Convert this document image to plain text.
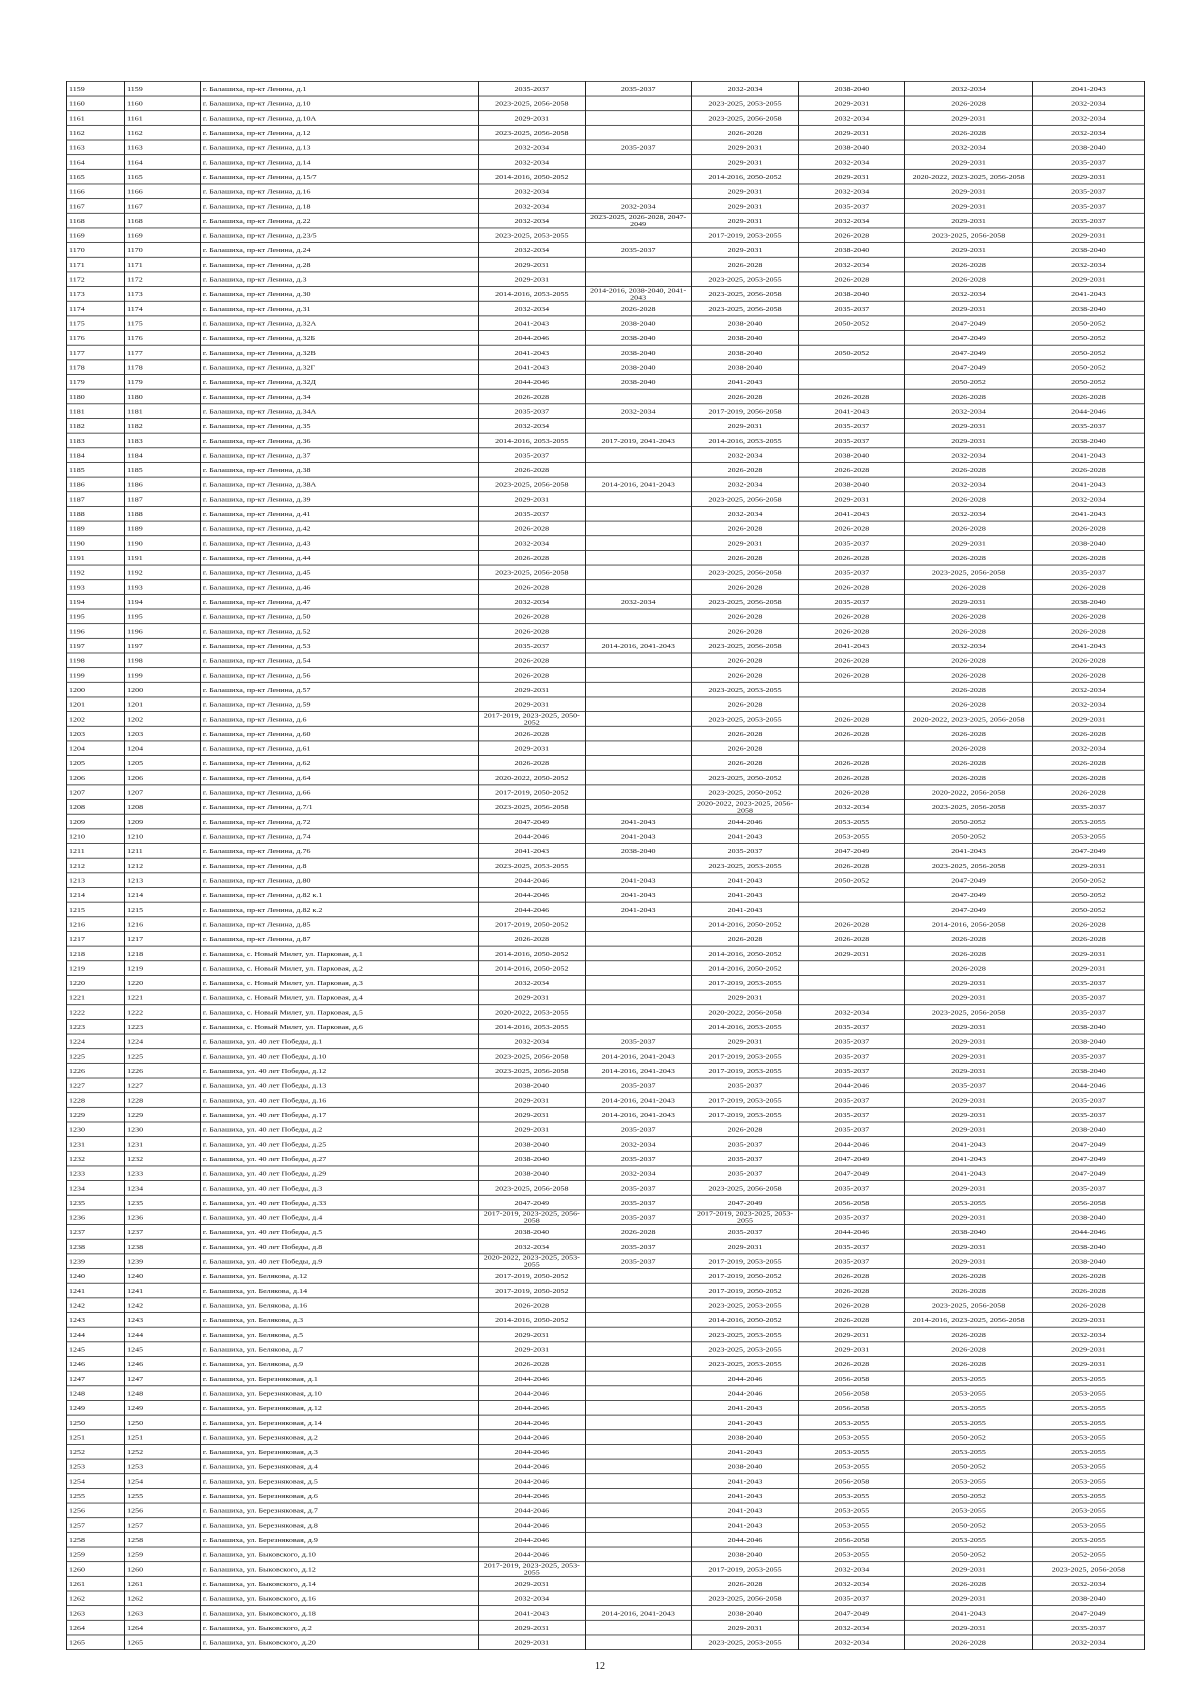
1159	1159	г. Балашиха, пр-кт Ленина, д.1	2035-2037	2035-2037	2032-2034	2038-2040	2032-2034	2041-2043
1160	1160	г. Балашиха, пр-кт Ленина, д.10	2023-2025, 2056-2058		2023-2025, 2053-2055	2029-2031	2026-2028	2032-2034
1161	1161	г. Балашиха, пр-кт Ленина, д.10А	2029-2031		2023-2025, 2056-2058	2032-2034	2029-2031	2032-2034
1162	1162	г. Балашиха, пр-кт Ленина, д.12	2023-2025, 2056-2058		2026-2028	2029-2031	2026-2028	2032-2034
1163	1163	г. Балашиха, пр-кт Ленина, д.13	2032-2034	2035-2037	2029-2031	2038-2040	2032-2034	2038-2040
1164	1164	г. Балашиха, пр-кт Ленина, д.14	2032-2034		2029-2031	2032-2034	2029-2031	2035-2037
1165	1165	г. Балашиха, пр-кт Ленина, д.15/7	2014-2016, 2050-2052		2014-2016, 2050-2052	2029-2031	2020-2022, 2023-2025, 2056-2058	2029-2031
1166	1166	г. Балашиха, пр-кт Ленина, д.16	2032-2034		2029-2031	2032-2034	2029-2031	2035-2037
1167	1167	г. Балашиха, пр-кт Ленина, д.18	2032-2034	2032-2034	2029-2031	2035-2037	2029-2031	2035-2037
1168	1168	г. Балашиха, пр-кт Ленина, д.22	2032-2034	2023-2025, 2026-2028, 2047-2049	2029-2031	2032-2034	2029-2031	2035-2037
1169	1169	г. Балашиха, пр-кт Ленина, д.23/5	2023-2025, 2053-2055		2017-2019, 2053-2055	2026-2028	2023-2025, 2056-2058	2029-2031
1170	1170	г. Балашиха, пр-кт Ленина, д.24	2032-2034	2035-2037	2029-2031	2038-2040	2029-2031	2038-2040
1171	1171	г. Балашиха, пр-кт Ленина, д.28	2029-2031		2026-2028	2032-2034	2026-2028	2032-2034
1172	1172	г. Балашиха, пр-кт Ленина, д.3	2029-2031		2023-2025, 2053-2055	2026-2028	2026-2028	2029-2031
1173	1173	г. Балашиха, пр-кт Ленина, д.30	2014-2016, 2053-2055	2014-2016, 2038-2040, 2041-2043	2023-2025, 2056-2058	2038-2040	2032-2034	2041-2043
1174	1174	г. Балашиха, пр-кт Ленина, д.31	2032-2034	2026-2028	2023-2025, 2056-2058	2035-2037	2029-2031	2038-2040
1175	1175	г. Балашиха, пр-кт Ленина, д.32А	2041-2043	2038-2040	2038-2040	2050-2052	2047-2049	2050-2052
1176	1176	г. Балашиха, пр-кт Ленина, д.32Б	2044-2046	2038-2040	2038-2040		2047-2049	2050-2052
1177	1177	г. Балашиха, пр-кт Ленина, д.32В	2041-2043	2038-2040	2038-2040	2050-2052	2047-2049	2050-2052
1178	1178	г. Балашиха, пр-кт Ленина, д.32Г	2041-2043	2038-2040	2038-2040		2047-2049	2050-2052
1179	1179	г. Балашиха, пр-кт Ленина, д.32Д	2044-2046	2038-2040	2041-2043		2050-2052	2050-2052
1180	1180	г. Балашиха, пр-кт Ленина, д.34	2026-2028		2026-2028	2026-2028	2026-2028	2026-2028
1181	1181	г. Балашиха, пр-кт Ленина, д.34А	2035-2037	2032-2034	2017-2019, 2056-2058	2041-2043	2032-2034	2044-2046
1182	1182	г. Балашиха, пр-кт Ленина, д.35	2032-2034		2029-2031	2035-2037	2029-2031	2035-2037
1183	1183	г. Балашиха, пр-кт Ленина, д.36	2014-2016, 2053-2055	2017-2019, 2041-2043	2014-2016, 2053-2055	2035-2037	2029-2031	2038-2040
1184	1184	г. Балашиха, пр-кт Ленина, д.37	2035-2037		2032-2034	2038-2040	2032-2034	2041-2043
1185	1185	г. Балашиха, пр-кт Ленина, д.38	2026-2028		2026-2028	2026-2028	2026-2028	2026-2028
1186	1186	г. Балашиха, пр-кт Ленина, д.38А	2023-2025, 2056-2058	2014-2016, 2041-2043	2032-2034	2038-2040	2032-2034	2041-2043
1187	1187	г. Балашиха, пр-кт Ленина, д.39	2029-2031		2023-2025, 2056-2058	2029-2031	2026-2028	2032-2034
1188	1188	г. Балашиха, пр-кт Ленина, д.41	2035-2037		2032-2034	2041-2043	2032-2034	2041-2043
1189	1189	г. Балашиха, пр-кт Ленина, д.42	2026-2028		2026-2028	2026-2028	2026-2028	2026-2028
1190	1190	г. Балашиха, пр-кт Ленина, д.43	2032-2034		2029-2031	2035-2037	2029-2031	2038-2040
1191	1191	г. Балашиха, пр-кт Ленина, д.44	2026-2028		2026-2028	2026-2028	2026-2028	2026-2028
1192	1192	г. Балашиха, пр-кт Ленина, д.45	2023-2025, 2056-2058		2023-2025, 2056-2058	2035-2037	2023-2025, 2056-2058	2035-2037
1193	1193	г. Балашиха, пр-кт Ленина, д.46	2026-2028		2026-2028	2026-2028	2026-2028	2026-2028
1194	1194	г. Балашиха, пр-кт Ленина, д.47	2032-2034	2032-2034	2023-2025, 2056-2058	2035-2037	2029-2031	2038-2040
1195	1195	г. Балашиха, пр-кт Ленина, д.50	2026-2028		2026-2028	2026-2028	2026-2028	2026-2028
1196	1196	г. Балашиха, пр-кт Ленина, д.52	2026-2028		2026-2028	2026-2028	2026-2028	2026-2028
1197	1197	г. Балашиха, пр-кт Ленина, д.53	2035-2037	2014-2016, 2041-2043	2023-2025, 2056-2058	2041-2043	2032-2034	2041-2043
1198	1198	г. Балашиха, пр-кт Ленина, д.54	2026-2028		2026-2028	2026-2028	2026-2028	2026-2028
1199	1199	г. Балашиха, пр-кт Ленина, д.56	2026-2028		2026-2028	2026-2028	2026-2028	2026-2028
1200	1200	г. Балашиха, пр-кт Ленина, д.57	2029-2031		2023-2025, 2053-2055		2026-2028	2032-2034
1201	1201	г. Балашиха, пр-кт Ленина, д.59	2029-2031		2026-2028		2026-2028	2032-2034
1202	1202	г. Балашиха, пр-кт Ленина, д.6	2017-2019, 2023-2025, 2050-2052		2023-2025, 2053-2055	2026-2028	2020-2022, 2023-2025, 2056-2058	2029-2031
1203	1203	г. Балашиха, пр-кт Ленина, д.60	2026-2028		2026-2028	2026-2028	2026-2028	2026-2028
1204	1204	г. Балашиха, пр-кт Ленина, д.61	2029-2031		2026-2028		2026-2028	2032-2034
1205	1205	г. Балашиха, пр-кт Ленина, д.62	2026-2028		2026-2028	2026-2028	2026-2028	2026-2028
1206	1206	г. Балашиха, пр-кт Ленина, д.64	2020-2022, 2050-2052		2023-2025, 2050-2052	2026-2028	2026-2028	2026-2028
1207	1207	г. Балашиха, пр-кт Ленина, д.66	2017-2019, 2050-2052		2023-2025, 2050-2052	2026-2028	2020-2022, 2056-2058	2026-2028
1208	1208	г. Балашиха, пр-кт Ленина, д.7/1	2023-2025, 2056-2058		2020-2022, 2023-2025, 2056-2058	2032-2034	2023-2025, 2056-2058	2035-2037
1209	1209	г. Балашиха, пр-кт Ленина, д.72	2047-2049	2041-2043	2044-2046	2053-2055	2050-2052	2053-2055
1210	1210	г. Балашиха, пр-кт Ленина, д.74	2044-2046	2041-2043	2041-2043	2053-2055	2050-2052	2053-2055
1211	1211	г. Балашиха, пр-кт Ленина, д.76	2041-2043	2038-2040	2035-2037	2047-2049	2041-2043	2047-2049
1212	1212	г. Балашиха, пр-кт Ленина, д.8	2023-2025, 2053-2055		2023-2025, 2053-2055	2026-2028	2023-2025, 2056-2058	2029-2031
1213	1213	г. Балашиха, пр-кт Ленина, д.80	2044-2046	2041-2043	2041-2043	2050-2052	2047-2049	2050-2052
1214	1214	г. Балашиха, пр-кт Ленина, д.82 к.1	2044-2046	2041-2043	2041-2043		2047-2049	2050-2052
1215	1215	г. Балашиха, пр-кт Ленина, д.82 к.2	2044-2046	2041-2043	2041-2043		2047-2049	2050-2052
1216	1216	г. Балашиха, пр-кт Ленина, д.85	2017-2019, 2050-2052		2014-2016, 2050-2052	2026-2028	2014-2016, 2056-2058	2026-2028
1217	1217	г. Балашиха, пр-кт Ленина, д.87	2026-2028		2026-2028	2026-2028	2026-2028	2026-2028
1218	1218	г. Балашиха, с. Новый Милет, ул. Парковая, д.1	2014-2016, 2050-2052		2014-2016, 2050-2052	2029-2031	2026-2028	2029-2031
1219	1219	г. Балашиха, с. Новый Милет, ул. Парковая, д.2	2014-2016, 2050-2052		2014-2016, 2050-2052		2026-2028	2029-2031
1220	1220	г. Балашиха, с. Новый Милет, ул. Парковая, д.3	2032-2034		2017-2019, 2053-2055		2029-2031	2035-2037
1221	1221	г. Балашиха, с. Новый Милет, ул. Парковая, д.4	2029-2031		2029-2031		2029-2031	2035-2037
1222	1222	г. Балашиха, с. Новый Милет, ул. Парковая, д.5	2020-2022, 2053-2055		2020-2022, 2056-2058	2032-2034	2023-2025, 2056-2058	2035-2037
1223	1223	г. Балашиха, с. Новый Милет, ул. Парковая, д.6	2014-2016, 2053-2055		2014-2016, 2053-2055	2035-2037	2029-2031	2038-2040
1224	1224	г. Балашиха, ул. 40 лет Победы, д.1	2032-2034	2035-2037	2029-2031	2035-2037	2029-2031	2038-2040
1225	1225	г. Балашиха, ул. 40 лет Победы, д.10	2023-2025, 2056-2058	2014-2016, 2041-2043	2017-2019, 2053-2055	2035-2037	2029-2031	2035-2037
1226	1226	г. Балашиха, ул. 40 лет Победы, д.12	2023-2025, 2056-2058	2014-2016, 2041-2043	2017-2019, 2053-2055	2035-2037	2029-2031	2038-2040
1227	1227	г. Балашиха, ул. 40 лет Победы, д.13	2038-2040	2035-2037	2035-2037	2044-2046	2035-2037	2044-2046
1228	1228	г. Балашиха, ул. 40 лет Победы, д.16	2029-2031	2014-2016, 2041-2043	2017-2019, 2053-2055	2035-2037	2029-2031	2035-2037
1229	1229	г. Балашиха, ул. 40 лет Победы, д.17	2029-2031	2014-2016, 2041-2043	2017-2019, 2053-2055	2035-2037	2029-2031	2035-2037
1230	1230	г. Балашиха, ул. 40 лет Победы, д.2	2029-2031	2035-2037	2026-2028	2035-2037	2029-2031	2038-2040
1231	1231	г. Балашиха, ул. 40 лет Победы, д.25	2038-2040	2032-2034	2035-2037	2044-2046	2041-2043	2047-2049
1232	1232	г. Балашиха, ул. 40 лет Победы, д.27	2038-2040	2035-2037	2035-2037	2047-2049	2041-2043	2047-2049
1233	1233	г. Балашиха, ул. 40 лет Победы, д.29	2038-2040	2032-2034	2035-2037	2047-2049	2041-2043	2047-2049
1234	1234	г. Балашиха, ул. 40 лет Победы, д.3	2023-2025, 2056-2058	2035-2037	2023-2025, 2056-2058	2035-2037	2029-2031	2035-2037
1235	1235	г. Балашиха, ул. 40 лет Победы, д.33	2047-2049	2035-2037	2047-2049	2056-2058	2053-2055	2056-2058
1236	1236	г. Балашиха, ул. 40 лет Победы, д.4	2017-2019, 2023-2025, 2056-2058	2035-2037	2017-2019, 2023-2025, 2053-2055	2035-2037	2029-2031	2038-2040
1237	1237	г. Балашиха, ул. 40 лет Победы, д.5	2038-2040	2026-2028	2035-2037	2044-2046	2038-2040	2044-2046
1238	1238	г. Балашиха, ул. 40 лет Победы, д.8	2032-2034	2035-2037	2029-2031	2035-2037	2029-2031	2038-2040
1239	1239	г. Балашиха, ул. 40 лет Победы, д.9	2020-2022, 2023-2025, 2053-2055	2035-2037	2017-2019, 2053-2055	2035-2037	2029-2031	2038-2040
1240	1240	г. Балашиха, ул. Белякова, д.12	2017-2019, 2050-2052		2017-2019, 2050-2052	2026-2028	2026-2028	2026-2028
1241	1241	г. Балашиха, ул. Белякова, д.14	2017-2019, 2050-2052		2017-2019, 2050-2052	2026-2028	2026-2028	2026-2028
1242	1242	г. Балашиха, ул. Белякова, д.16	2026-2028		2023-2025, 2053-2055	2026-2028	2023-2025, 2056-2058	2026-2028
1243	1243	г. Балашиха, ул. Белякова, д.3	2014-2016, 2050-2052		2014-2016, 2050-2052	2026-2028	2014-2016, 2023-2025, 2056-2058	2029-2031
1244	1244	г. Балашиха, ул. Белякова, д.5	2029-2031		2023-2025, 2053-2055	2029-2031	2026-2028	2032-2034
1245	1245	г. Балашиха, ул. Белякова, д.7	2029-2031		2023-2025, 2053-2055	2029-2031	2026-2028	2029-2031
1246	1246	г. Балашиха, ул. Белякова, д.9	2026-2028		2023-2025, 2053-2055	2026-2028	2026-2028	2029-2031
1247	1247	г. Балашиха, ул. Березняковая, д.1	2044-2046		2044-2046	2056-2058	2053-2055	2053-2055
1248	1248	г. Балашиха, ул. Березняковая, д.10	2044-2046		2044-2046	2056-2058	2053-2055	2053-2055
1249	1249	г. Балашиха, ул. Березняковая, д.12	2044-2046		2041-2043	2056-2058	2053-2055	2053-2055
1250	1250	г. Балашиха, ул. Березняковая, д.14	2044-2046		2041-2043	2053-2055	2053-2055	2053-2055
1251	1251	г. Балашиха, ул. Березняковая, д.2	2044-2046		2038-2040	2053-2055	2050-2052	2053-2055
1252	1252	г. Балашиха, ул. Березняковая, д.3	2044-2046		2041-2043	2053-2055	2053-2055	2053-2055
1253	1253	г. Балашиха, ул. Березняковая, д.4	2044-2046		2038-2040	2053-2055	2050-2052	2053-2055
1254	1254	г. Балашиха, ул. Березняковая, д.5	2044-2046		2041-2043	2056-2058	2053-2055	2053-2055
1255	1255	г. Балашиха, ул. Березняковая, д.6	2044-2046		2041-2043	2053-2055	2050-2052	2053-2055
1256	1256	г. Балашиха, ул. Березняковая, д.7	2044-2046		2041-2043	2053-2055	2053-2055	2053-2055
1257	1257	г. Балашиха, ул. Березняковая, д.8	2044-2046		2041-2043	2053-2055	2050-2052	2053-2055
1258	1258	г. Балашиха, ул. Березняковая, д.9	2044-2046		2044-2046	2056-2058	2053-2055	2053-2055
1259	1259	г. Балашиха, ул. Быковского, д.10	2044-2046		2038-2040	2053-2055	2050-2052	2052-2055
1260	1260	г. Балашиха, ул. Быковского, д.12	2017-2019, 2023-2025, 2053-2055		2017-2019, 2053-2055	2032-2034	2029-2031	2023-2025, 2056-2058
1261	1261	г. Балашиха, ул. Быковского, д.14	2029-2031		2026-2028	2032-2034	2026-2028	2032-2034
1262	1262	г. Балашиха, ул. Быковского, д.16	2032-2034		2023-2025, 2056-2058	2035-2037	2029-2031	2038-2040
1263	1263	г. Балашиха, ул. Быковского, д.18	2041-2043	2014-2016, 2041-2043	2038-2040	2047-2049	2041-2043	2047-2049
1264	1264	г. Балашиха, ул. Быковского, д.2	2029-2031		2029-2031	2032-2034	2029-2031	2035-2037
1265	1265	г. Балашиха, ул. Быковского, д.20	2029-2031		2023-2025, 2053-2055	2032-2034	2026-2028	2032-2034
12
